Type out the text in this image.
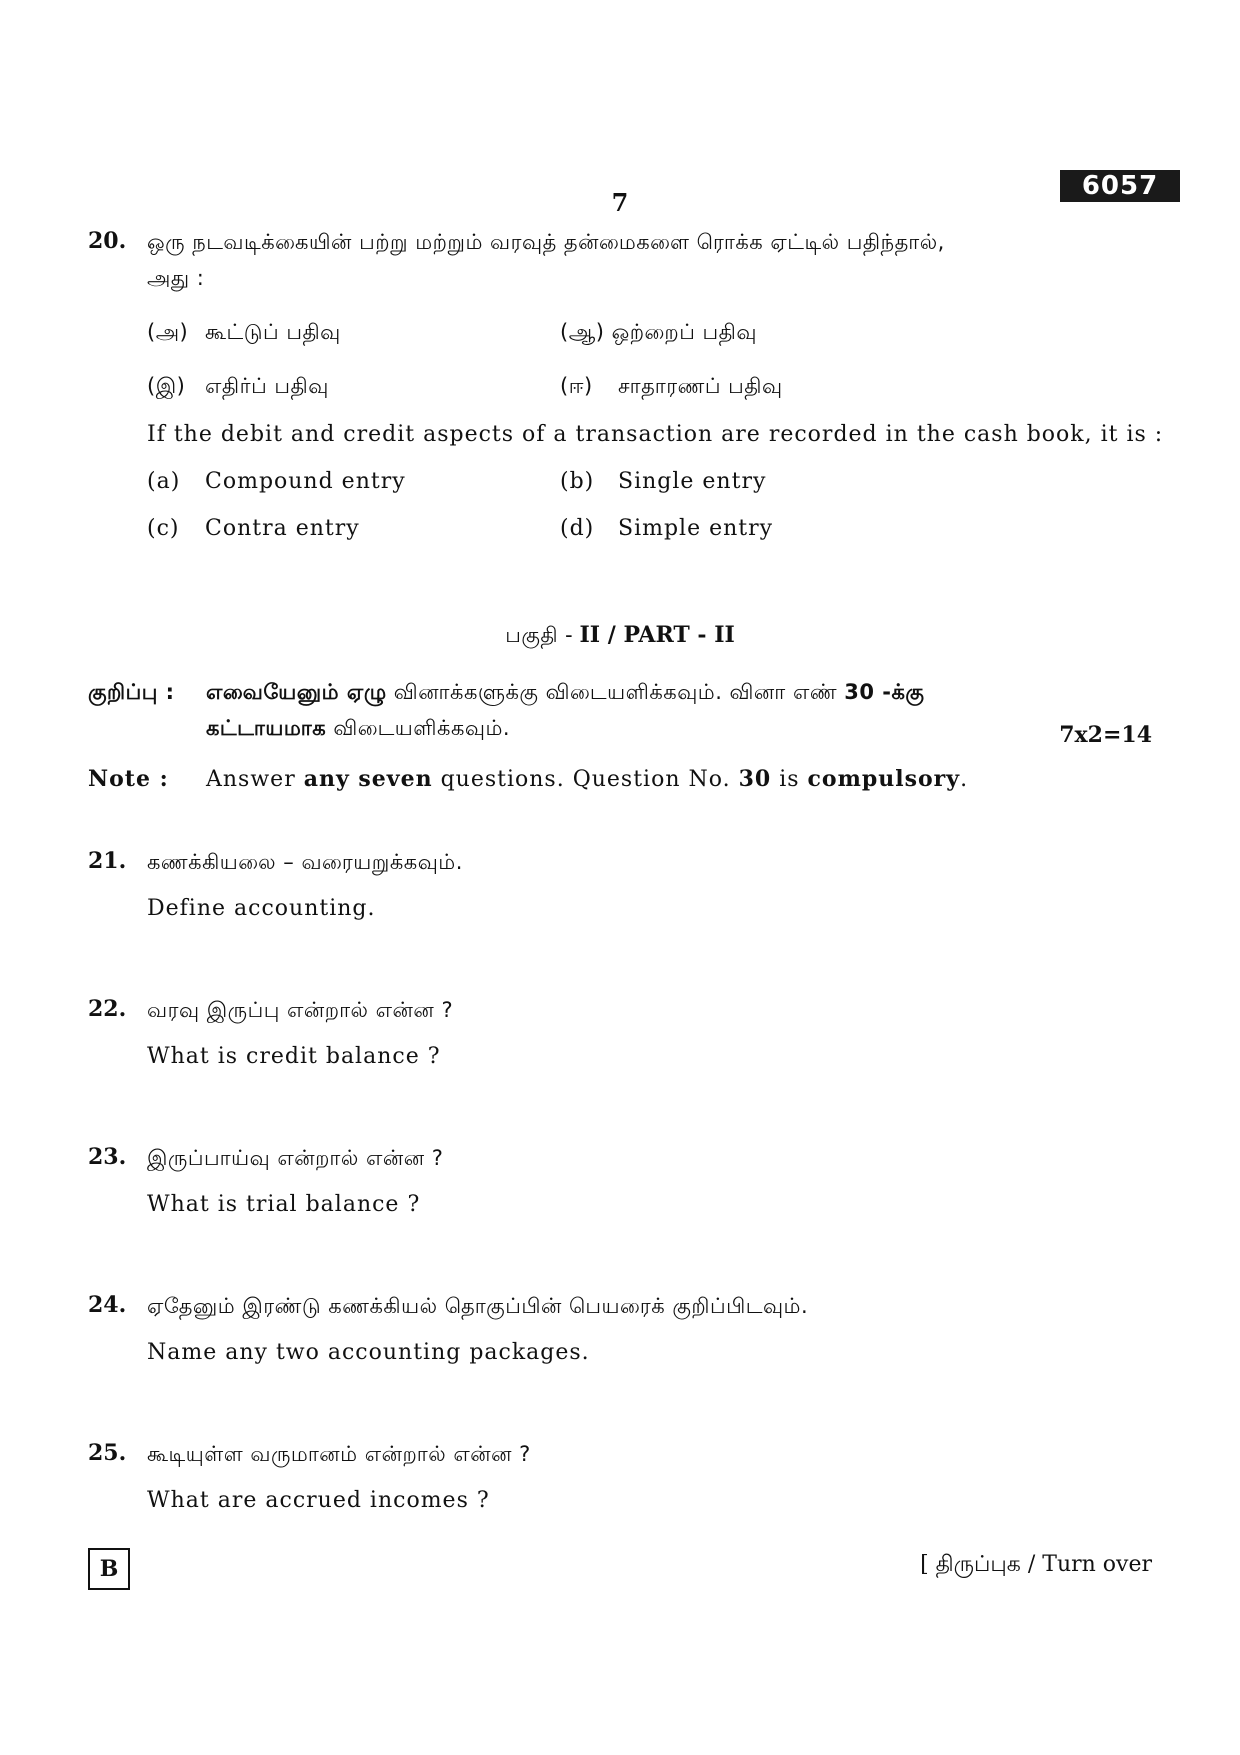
6057
7
20. ஒரு நடவடிக்கையின் பற்று மற்றும் வரவுத் தன்மைகளை ரொக்க ஏட்டில் பதிந்தால்,
அது :
(அ) கூட்டுப் பதிவு	(ஆ) ஒற்றைப் பதிவு
(இ) எதிர்ப் பதிவு	(ஈ) சாதாரணப் பதிவு
If the debit and credit aspects of a transaction are recorded in the cash book, it is :
(a) Compound entry	(b) Single entry
(c) Contra entry	(d) Simple entry
பகுதி - II / PART - II
குறிப்பு : எவையேனும் ஏழு வினாக்களுக்கு விடையளிக்கவும். வினா எண் 30 -க்கு
கட்டாயமாக விடையளிக்கவும்.	7x2=14
Note : Answer any seven questions. Question No. 30 is compulsory.
21. கணக்கியலை – வரையறுக்கவும்.
Define accounting.
22. வரவு இருப்பு என்றால் என்ன ?
What is credit balance ?
23. இருப்பாய்வு என்றால் என்ன ?
What is trial balance ?
24. ஏதேனும் இரண்டு கணக்கியல் தொகுப்பின் பெயரைக் குறிப்பிடவும்.
Name any two accounting packages.
25. கூடியுள்ள வருமானம் என்றால் என்ன ?
What are accrued incomes ?
B	[ திருப்புக / Turn over
